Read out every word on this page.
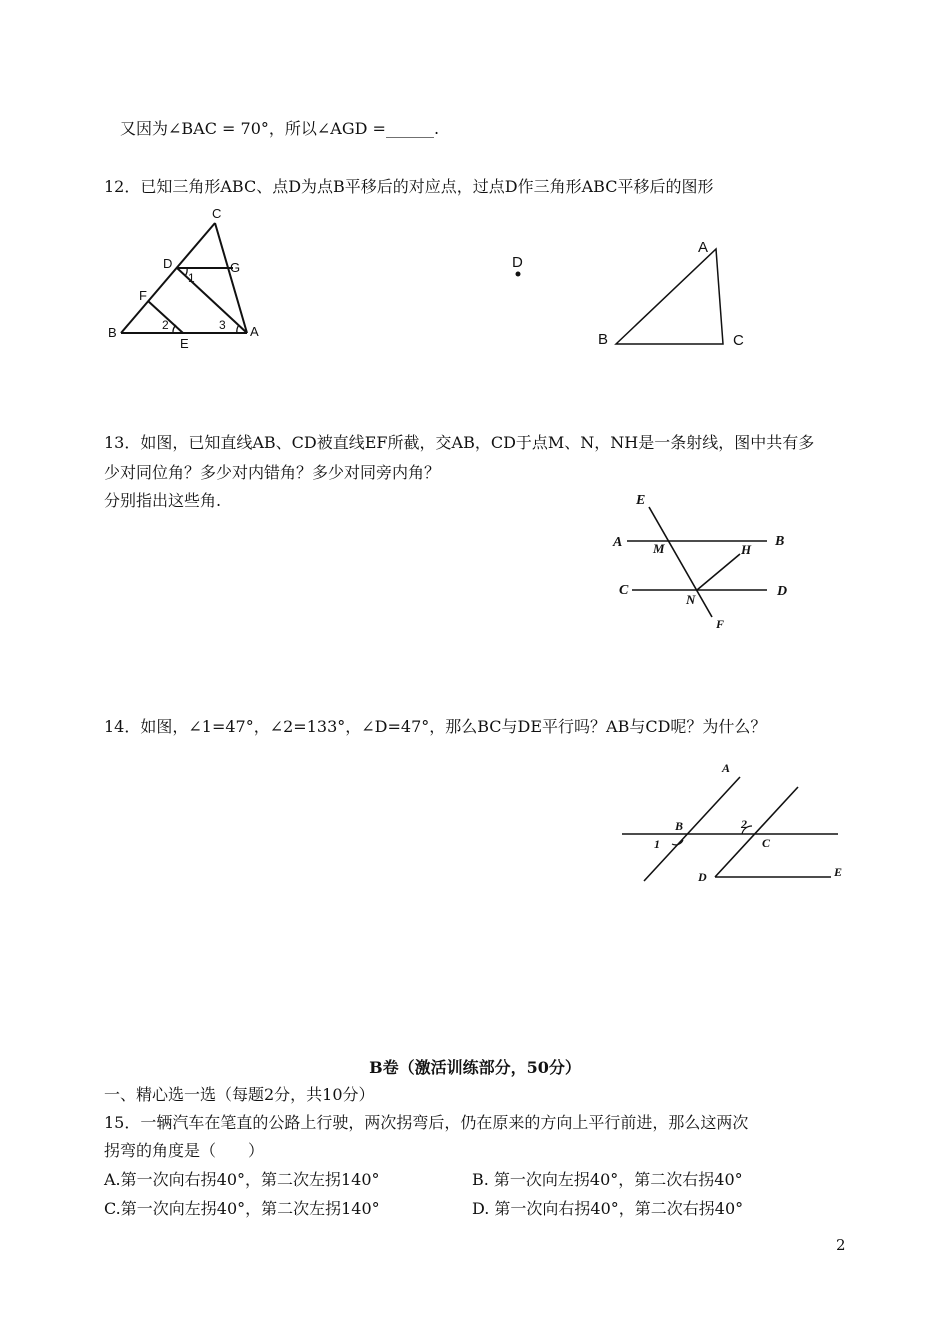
又因为∠BAC = 70°，所以∠AGD =______.
12．已知三角形ABC、点D为点B平移后的对应点，过点D作三角形ABC平移后的图形
C
D	G
F
B
E
A
1
2	3
D
A
B	C
13．如图，已知直线AB、CD被直线EF所截，交AB，CD于点M、N，NH是一条射线，图中共有多
少对同位角？多少对内错角？多少对同旁内角？
分别指出这些角.	E
A M	H
B
C
N
D
F
14．如图，∠1=47°，∠2=133°，∠D=47°，那么BC与DE平行吗？AB与CD呢？为什么？
A
B
1
2
C
D	E
B卷（激活训练部分，50分）
一、精心选一选（每题2分，共10分）
15．一辆汽车在笔直的公路上行驶，两次拐弯后，仍在原来的方向上平行前进，那么这两次
拐弯的角度是（　　）
A.第一次向右拐40°，第二次左拐140°	B. 第一次向左拐40°，第二次右拐40°
C.第一次向左拐40°，第二次左拐140°	D. 第一次向右拐40°，第二次右拐40°
2
